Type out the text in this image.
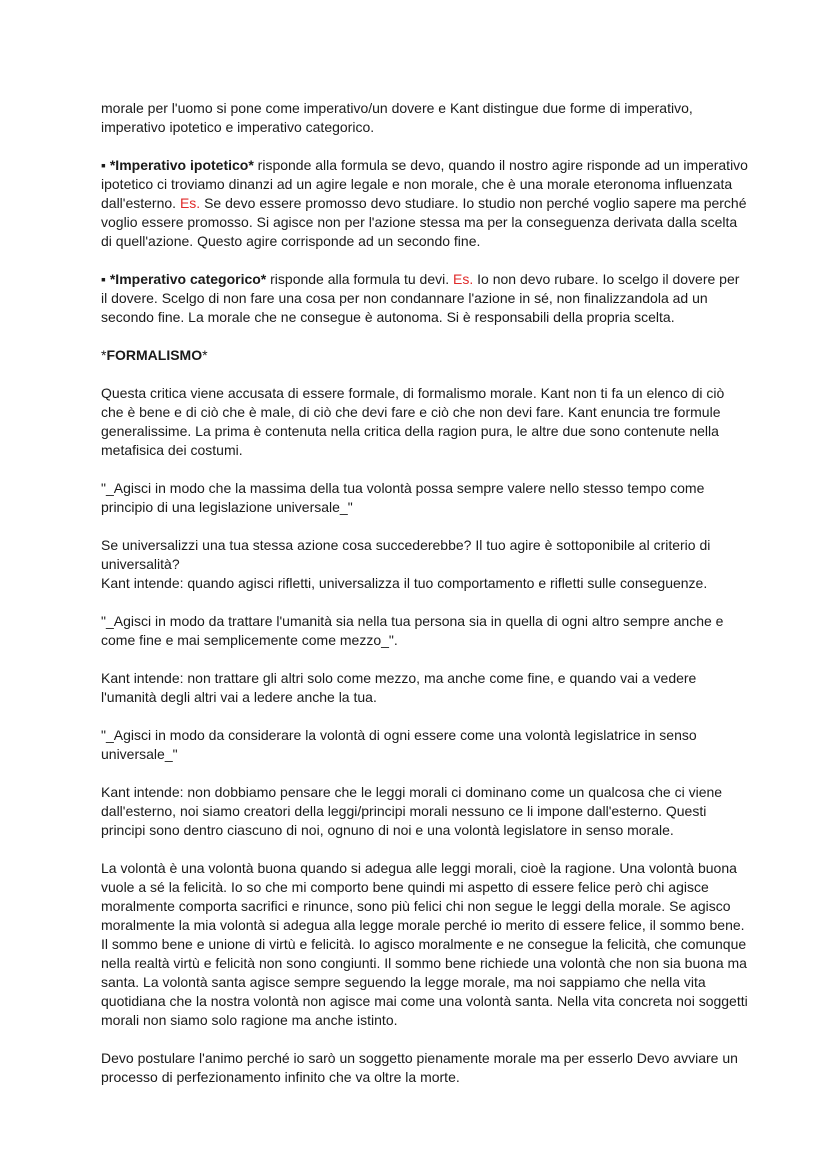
morale per l'uomo si pone come imperativo/un dovere e Kant distingue due forme di imperativo, imperativo ipotetico e imperativo categorico.

▪ *Imperativo ipotetico* risponde alla formula se devo, quando il nostro agire risponde ad un imperativo ipotetico ci troviamo dinanzi ad un agire legale e non morale, che è una morale eteronoma influenzata dall'esterno. Es. Se devo essere promosso devo studiare. Io studio non perché voglio sapere ma perché voglio essere promosso. Si agisce non per l'azione stessa ma per la conseguenza derivata dalla scelta di quell'azione. Questo agire corrisponde ad un secondo fine.

▪ *Imperativo categorico* risponde alla formula tu devi. Es. Io non devo rubare. Io scelgo il dovere per il dovere. Scelgo di non fare una cosa per non condannare l'azione in sé, non finalizzandola ad un secondo fine. La morale che ne consegue è autonoma. Si è responsabili della propria scelta.

*FORMALISMO*

Questa critica viene accusata di essere formale, di formalismo morale. Kant non ti fa un elenco di ciò che è bene e di ciò che è male, di ciò che devi fare e ciò che non devi fare. Kant enuncia tre formule generalissime. La prima è contenuta nella critica della ragion pura, le altre due sono contenute nella metafisica dei costumi.

"_Agisci in modo che la massima della tua volontà possa sempre valere nello stesso tempo come principio di una legislazione universale_"

Se universalizzi una tua stessa azione cosa succederebbe? Il tuo agire è sottoponibile al criterio di universalità?

Kant intende: quando agisci rifletti, universalizza il tuo comportamento e rifletti sulle conseguenze.

"_Agisci in modo da trattare l'umanità sia nella tua persona sia in quella di ogni altro sempre anche e come fine e mai semplicemente come mezzo_".

Kant intende: non trattare gli altri solo come mezzo, ma anche come fine, e quando vai a vedere l'umanità degli altri vai a ledere anche la tua.

"_Agisci in modo da considerare la volontà di ogni essere come una volontà legislatrice in senso universale_"

Kant intende: non dobbiamo pensare che le leggi morali ci dominano come un qualcosa che ci viene dall'esterno, noi siamo creatori della leggi/principi morali nessuno ce li impone dall'esterno. Questi principi sono dentro ciascuno di noi, ognuno di noi e una volontà legislatore in senso morale.

La volontà è una volontà buona quando si adegua alle leggi morali, cioè la ragione. Una volontà buona vuole a sé la felicità. Io so che mi comporto bene quindi mi aspetto di essere felice però chi agisce moralmente comporta sacrifici e rinunce, sono più felici chi non segue le leggi della morale. Se agisco moralmente la mia volontà si adegua alla legge morale perché io merito di essere felice, il sommo bene. Il sommo bene e unione di virtù e felicità. Io agisco moralmente e ne consegue la felicità, che comunque nella realtà virtù e felicità non sono congiunti. Il sommo bene richiede una volontà che non sia buona ma santa. La volontà santa agisce sempre seguendo la legge morale, ma noi sappiamo che nella vita quotidiana che la nostra volontà non agisce mai come una volontà santa. Nella vita concreta noi soggetti morali non siamo solo ragione ma anche istinto.

Devo postulare l'animo perché io sarò un soggetto pienamente morale ma per esserlo Devo avviare un processo di perfezionamento infinito che va oltre la morte.
